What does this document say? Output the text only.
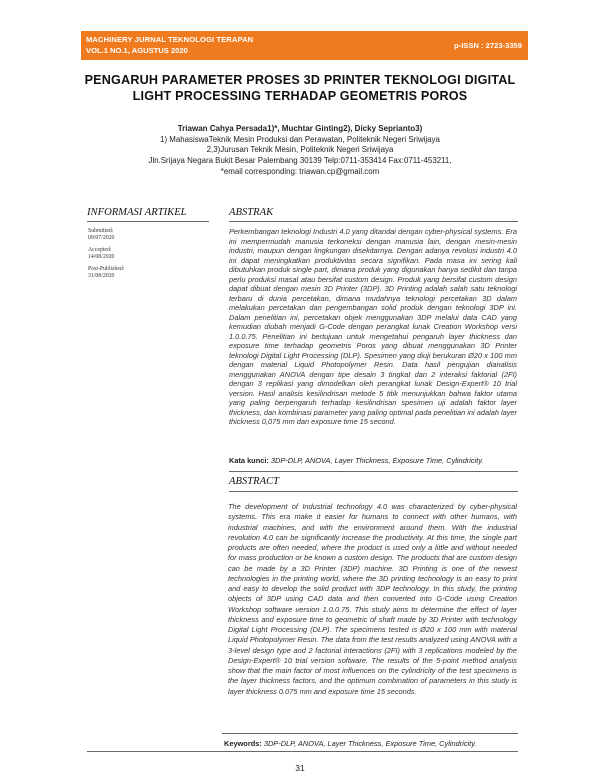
MACHINERY JURNAL TEKNOLOGI TERAPAN
VOL.1 NO.1, AGUSTUS 2020
p-ISSN : 2723-3359
PENGARUH PARAMETER PROSES 3D PRINTER TEKNOLOGI DIGITAL
LIGHT PROCESSING TERHADAP GEOMETRIS POROS
Triawan Cahya Persada1)*, Muchtar Ginting2), Dicky Seprianto3)
1) MahasiswaTeknik Mesin Produksi dan Perawatan, Politeknik Negeri Sriwijaya
2,3)Jurusan Teknik Mesin, Politeknik Negeri Sriwijaya
Jln.Srijaya Negara Bukit Besar Palembang 30139 Telp:0711-353414 Fax:0711-453211,
*email corresponding: triawan.cp@gmail.com
INFORMASI ARTIKEL	ABSTRAK
Submitted:
09/07/2020
Accepted:
14/08/2020
Post-Published:
31/08/2020
Perkembangan teknologi Industri 4.0 yang ditandai dengan cyber-physical systems. Era ini mempermudah manusia terkoneksi dengan manusia lain, dengan mesin-mesin industri, maupun dengan lingkungan disekitarnya. Dengan adanya revolusi industri 4.0 ini dapat meningkatkan produktivitas secara signifikan. Pada masa ini sering kali dibutuhkan produk single part, dimana produk yang digunakan hanya sedikit dan tanpa perlu produksi masal atau bersifat custom design. Produk yang bersifat custom design dapat dibuat dengan mesin 3D Printer (3DP). 3D Printing adalah salah satu teknologi terbaru di dunia percetakan, dimana mudahnya teknologi percetakan 3D dalam melakukan percetakan dan pengembangan solid produk dengan teknologi 3DP ini. Dalam penelitian ini, percetakan objek menggunakan 3DP melalui data CAD yang kemudian diubah menjadi G-Code dengan perangkat lunak Creation Workshop versi 1.0.0.75. Penelitian ini bertujuan untuk mengetahui pengaruh layer thickness dan exposure time terhadap geometris Poros yang dibuat menggunakan 3D Printer teknologi Digital Light Processing (DLP). Spesimen yang diuji berukuran Ø20 x 100 mm dengan material Liquid Photopolymer Resin. Data hasil pengujian dianalisis menggunakan ANOVA dengan tipe desain 3 tingkat dan 2 interaksi faktorial (2FI) dengan 3 replikasi yang dimodelkan oleh perangkat lunak Design-Expert® 10 trial version. Hasil analisis kesilindrisan metode 5 titik menunjukkan bahwa faktor utama yang paling berpengaruh terhadap kesilindrisan spesimen uji adalah faktor layer thickness, dan kombinasi parameter yang paling optimal pada penelitian ini adalah layer thickness 0,075 mm dan exposure time 15 second.
Kata kunci: 3DP-DLP, ANOVA, Layer Thickness, Exposure Time, Cylindricity.
ABSTRACT
The development of Industrial technology 4.0 was characterized by cyber-physical systems. This era make it easier for humans to connect with other humans, with industrial machines, and with the environment around them. With the industrial revolution 4.0 can be significantly increase the productivity. At this time, the single part products are often needed, where the product is used only a little and without needed for mass production or be known a custom design. The products that are custom design can be made by a 3D Printer (3DP) machine. 3D Printing is one of the newest technologies in the printing world, where the 3D printing technology is an easy to print and easy to develop the solid product with 3DP technology. In this study, the printing objects of 3DP using CAD data and then converted into G-Code using Creation Workshop software version 1.0.0.75. This study aims to determine the effect of layer thickness and exposure time to geometric of shaft made by 3D Printer with technology Digital Light Processing (DLP). The specimens tested is Ø20 x 100 mm with material Liquid Photopolymer Resin. The data from the test results analyzed using ANOVA with a 3-level design type and 2 factorial interactions (2FI) with 3 replications modeled by the Design-Expert® 10 trial version software. The results of the 5-point method analysis show that the main factor of most influences on the cylindricity of the test specimens is the layer thickness factors, and the optimum combination of parameters in this study is layer thickness 0.075 mm and exposure time 15 seconds.
Keywords: 3DP-DLP, ANOVA, Layer Thickness, Exposure Time, Cylindricity.
31
